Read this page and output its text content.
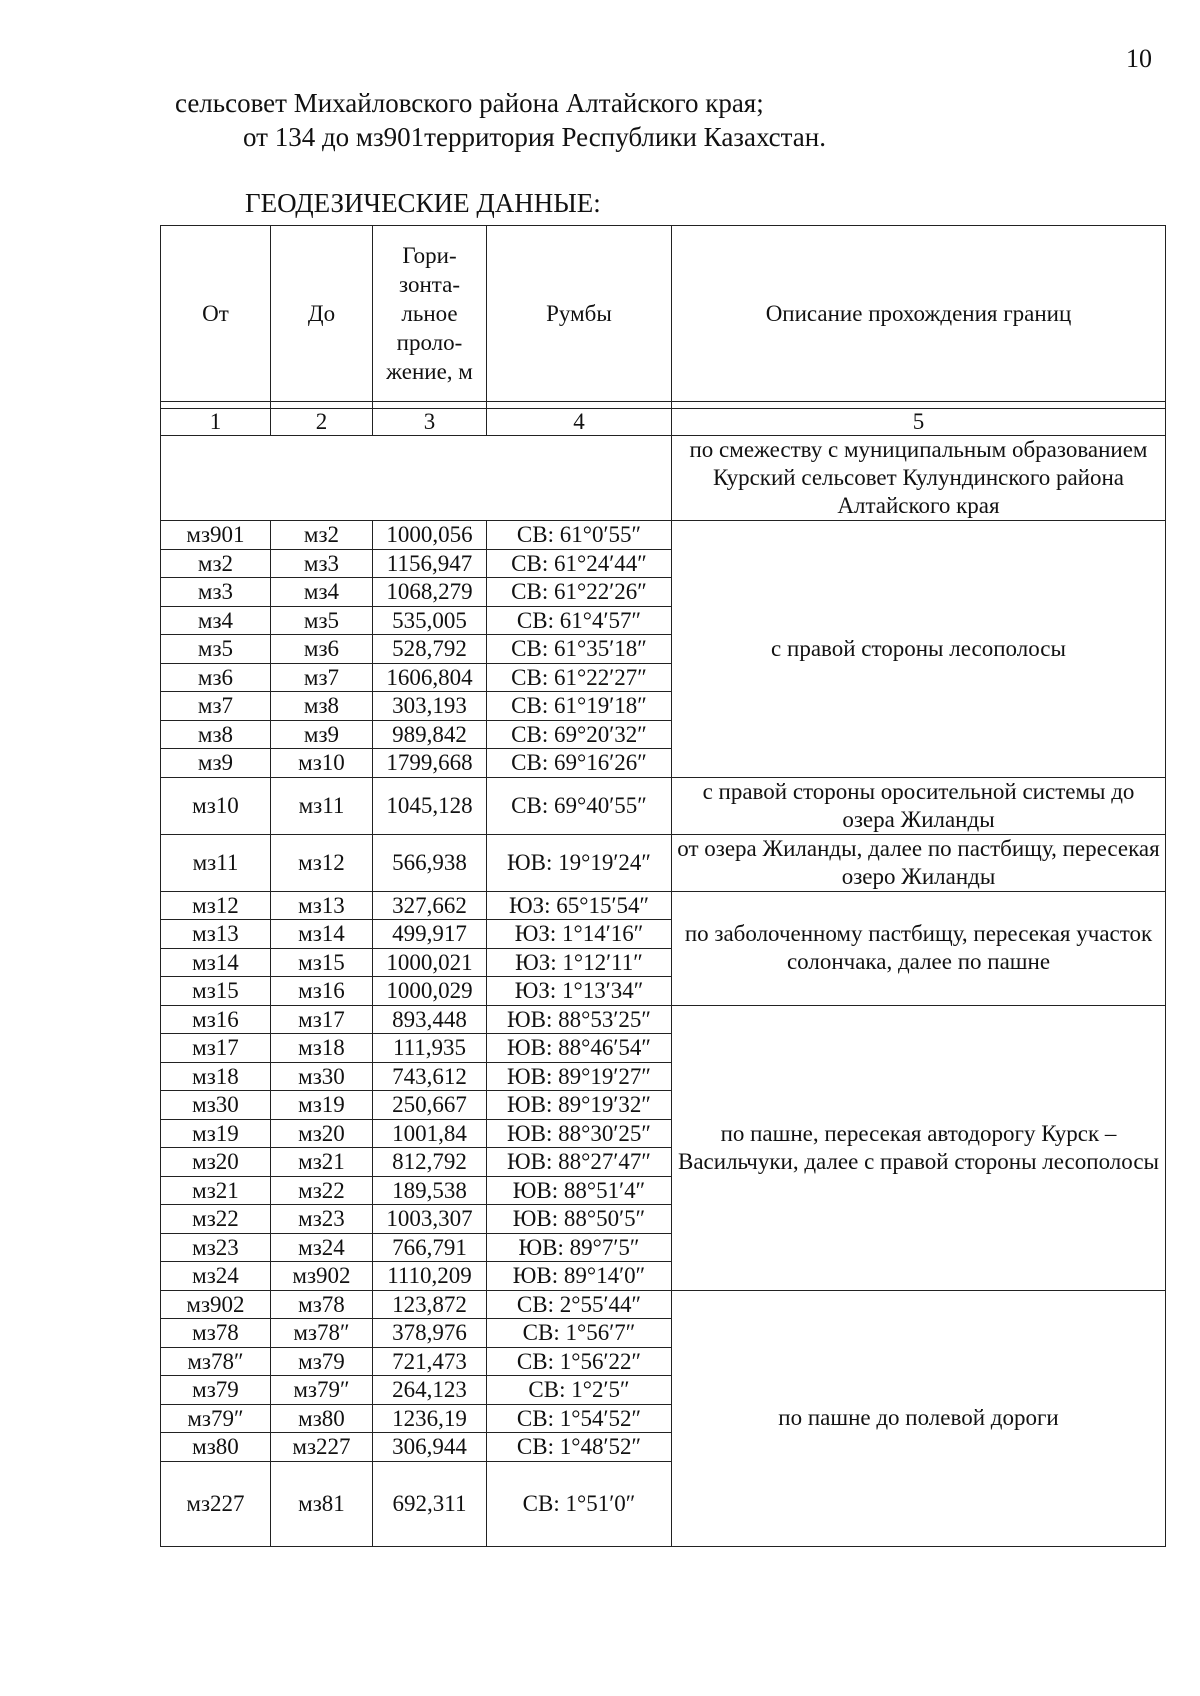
10
сельсовет Михайловского района Алтайского края;
от 134 до мз901территория Республики Казахстан.
ГЕОДЕЗИЧЕСКИЕ ДАННЫЕ:
От	До	Гори- зонта- льное проло- жение, м	Румбы	Описание прохождения границ

1	2	3	4	5
				по смежеству с муниципальным образованием Курский сельсовет Кулундинского района Алтайского края
мз901	мз2	1000,056	СВ: 61°0′55″	с правой стороны лесополосы
мз2	мз3	1156,947	СВ: 61°24′44″	
мз3	мз4	1068,279	СВ: 61°22′26″	
мз4	мз5	535,005	СВ: 61°4′57″	
мз5	мз6	528,792	СВ: 61°35′18″	
мз6	мз7	1606,804	СВ: 61°22′27″	
мз7	мз8	303,193	СВ: 61°19′18″	
мз8	мз9	989,842	СВ: 69°20′32″	
мз9	мз10	1799,668	СВ: 69°16′26″	
мз10	мз11	1045,128	СВ: 69°40′55″	с правой стороны оросительной системы до озера Жиланды
мз11	мз12	566,938	ЮВ: 19°19′24″	от озера Жиланды, далее по пастбищу, пересекая озеро Жиланды
мз12	мз13	327,662	ЮЗ: 65°15′54″	по заболоченному пастбищу, пересекая участок солончака, далее по пашне
мз13	мз14	499,917	ЮЗ: 1°14′16″	
мз14	мз15	1000,021	ЮЗ: 1°12′11″	
мз15	мз16	1000,029	ЮЗ: 1°13′34″	
мз16	мз17	893,448	ЮВ: 88°53′25″	по пашне, пересекая автодорогу Курск – Васильчуки, далее с правой стороны лесополосы
мз17	мз18	111,935	ЮВ: 88°46′54″	
мз18	мз30	743,612	ЮВ: 89°19′27″	
мз30	мз19	250,667	ЮВ: 89°19′32″	
мз19	мз20	1001,84	ЮВ: 88°30′25″	
мз20	мз21	812,792	ЮВ: 88°27′47″	
мз21	мз22	189,538	ЮВ: 88°51′4″	
мз22	мз23	1003,307	ЮВ: 88°50′5″	
мз23	мз24	766,791	ЮВ: 89°7′5″	
мз24	мз902	1110,209	ЮВ: 89°14′0″	
мз902	мз78	123,872	СВ: 2°55′44″	по пашне до полевой дороги
мз78	мз78″	378,976	СВ: 1°56′7″	
мз78″	мз79	721,473	СВ: 1°56′22″	
мз79	мз79″	264,123	СВ: 1°2′5″	
мз79″	мз80	1236,19	СВ: 1°54′52″	
мз80	мз227	306,944	СВ: 1°48′52″	
мз227	мз81	692,311	СВ: 1°51′0″	
